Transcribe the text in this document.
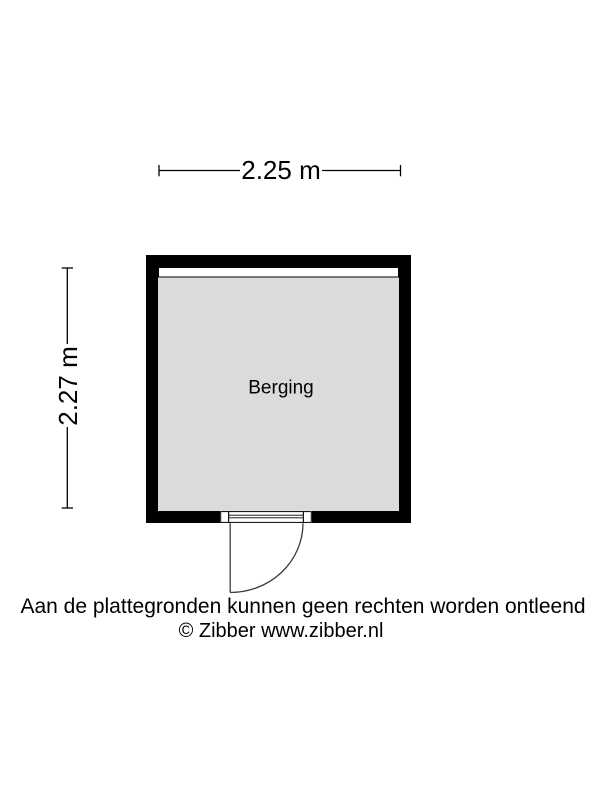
Berging
2.25 m
2.27 m
Aan de plattegronden kunnen geen rechten worden ontleend
© Zibber www.zibber.nl
